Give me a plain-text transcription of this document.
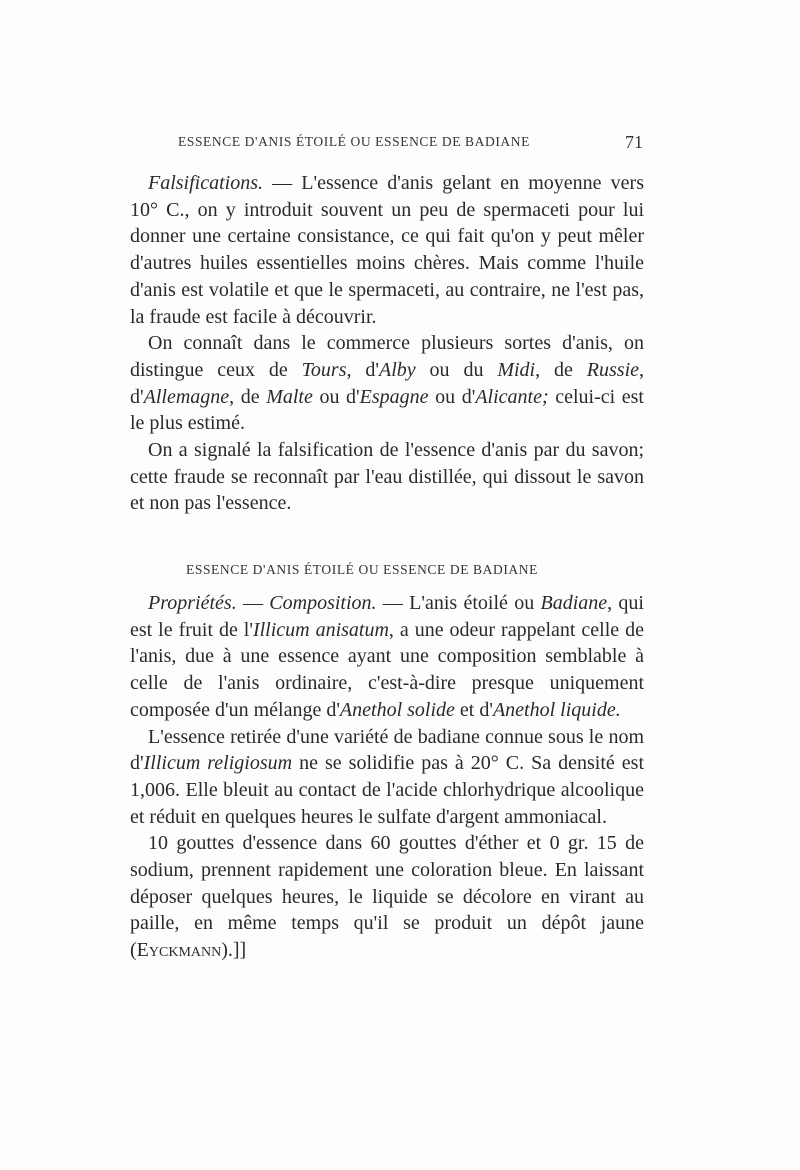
ESSENCE D'ANIS ÉTOILÉ OU ESSENCE DE BADIANE	71

Falsifications. — L'essence d'anis gelant en moyenne vers 10° C., on y introduit souvent un peu de spermaceti pour lui donner une certaine consistance, ce qui fait qu'on y peut mêler d'autres huiles essentielles moins chères. Mais comme l'huile d'anis est volatile et que le spermaceti, au contraire, ne l'est pas, la fraude est facile à découvrir.

On connaît dans le commerce plusieurs sortes d'anis, on distingue ceux de Tours, d'Alby ou du Midi, de Russie, d'Allemagne, de Malte ou d'Espagne ou d'Alicante; celui-ci est le plus estimé.

On a signalé la falsification de l'essence d'anis par du savon; cette fraude se reconnaît par l'eau distillée, qui dissout le savon et non pas l'essence.

ESSENCE D'ANIS ÉTOILÉ OU ESSENCE DE BADIANE

Propriétés. — Composition. — L'anis étoilé ou Badiane, qui est le fruit de l'Illicum anisatum, a une odeur rappelant celle de l'anis, due à une essence ayant une composition semblable à celle de l'anis ordinaire, c'est-à-dire presque uniquement composée d'un mélange d'Anethol solide et d'Anethol liquide.

L'essence retirée d'une variété de badiane connue sous le nom d'Illicum religiosum ne se solidifie pas à 20° C. Sa densité est 1,006. Elle bleuit au contact de l'acide chlorhydrique alcoolique et réduit en quelques heures le sulfate d'argent ammoniacal.

10 gouttes d'essence dans 60 gouttes d'éther et 0 gr. 15 de sodium, prennent rapidement une coloration bleue. En laissant déposer quelques heures, le liquide se décolore en virant au paille, en même temps qu'il se produit un dépôt jaune (Eyckmann).]]
